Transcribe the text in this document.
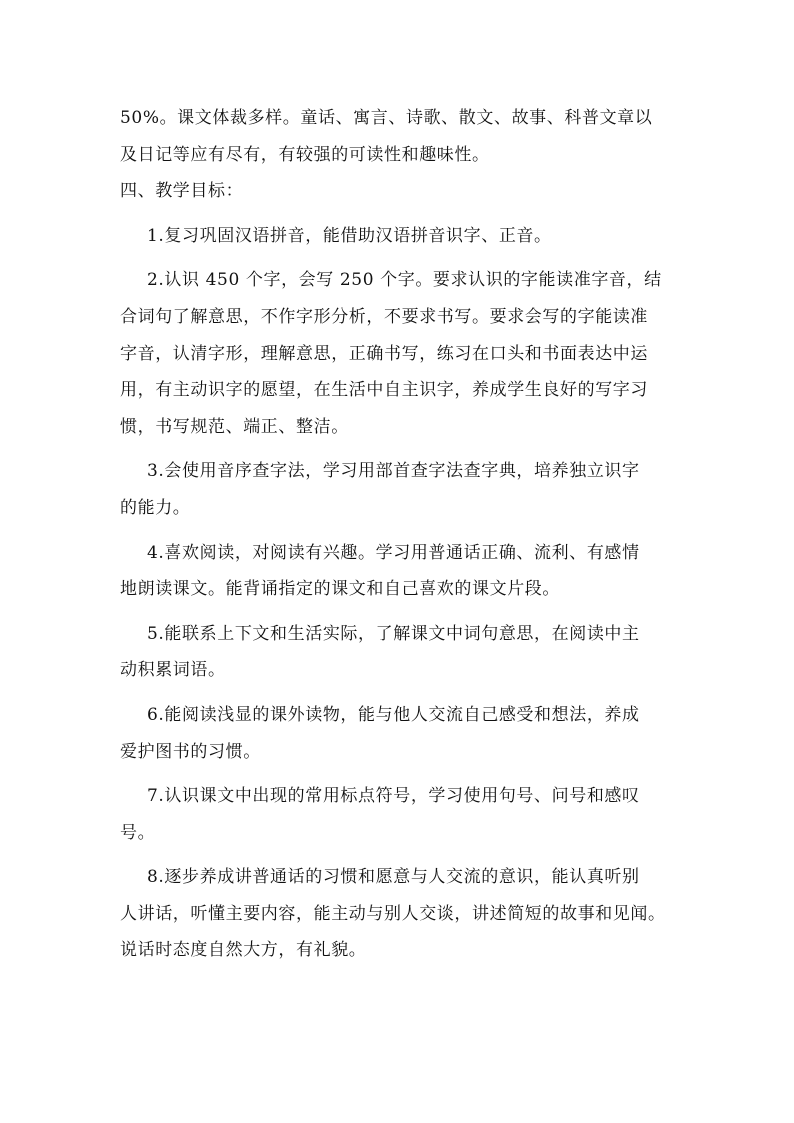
50%。课文体裁多样。童话、寓言、诗歌、散文、故事、科普文章以
及日记等应有尽有，有较强的可读性和趣味性。
四、教学目标：
1.复习巩固汉语拼音，能借助汉语拼音识字、正音。
2.认识 450 个字，会写 250 个字。要求认识的字能读准字音，结
合词句了解意思，不作字形分析，不要求书写。要求会写的字能读准
字音，认清字形，理解意思，正确书写，练习在口头和书面表达中运
用，有主动识字的愿望，在生活中自主识字，养成学生良好的写字习
惯，书写规范、端正、整洁。
3.会使用音序查字法，学习用部首查字法查字典，培养独立识字
的能力。
4.喜欢阅读，对阅读有兴趣。学习用普通话正确、流利、有感情
地朗读课文。能背诵指定的课文和自己喜欢的课文片段。
5.能联系上下文和生活实际，了解课文中词句意思，在阅读中主
动积累词语。
6.能阅读浅显的课外读物，能与他人交流自己感受和想法，养成
爱护图书的习惯。
7.认识课文中出现的常用标点符号，学习使用句号、问号和感叹
号。
8.逐步养成讲普通话的习惯和愿意与人交流的意识，能认真听别
人讲话，听懂主要内容，能主动与别人交谈，讲述简短的故事和见闻。
说话时态度自然大方，有礼貌。
